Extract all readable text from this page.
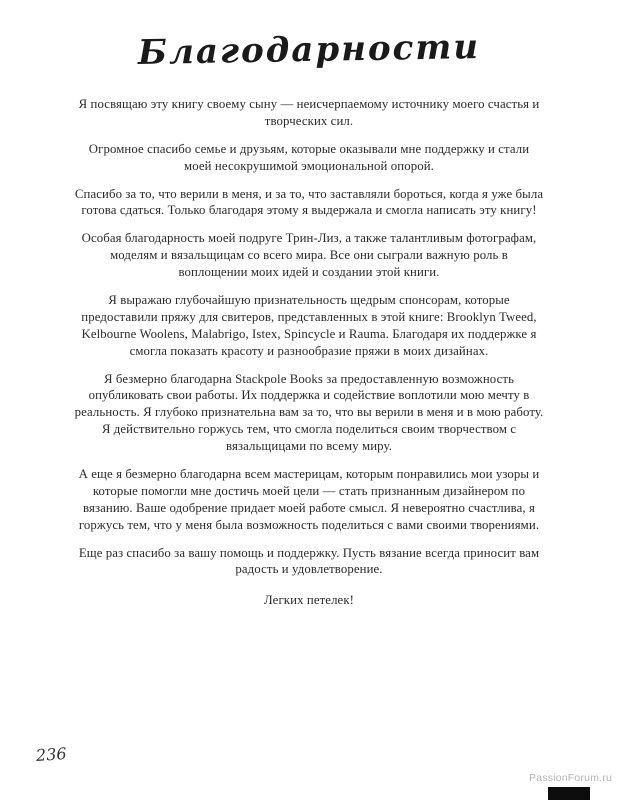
Благодарности

Я посвящаю эту книгу своему сыну — неисчерпаемому источнику моего счастья и творческих сил.

Огромное спасибо семье и друзьям, которые оказывали мне поддержку и стали моей несокрушимой эмоциональной опорой.

Спасибо за то, что верили в меня, и за то, что заставляли бороться, когда я уже была готова сдаться. Только благодаря этому я выдержала и смогла написать эту книгу!

Особая благодарность моей подруге Трин-Лиз, а также талантливым фотографам, моделям и вязальщицам со всего мира. Все они сыграли важную роль в воплощении моих идей и создании этой книги.

Я выражаю глубочайшую признательность щедрым спонсорам, которые предоставили пряжу для свитеров, представленных в этой книге: Brooklyn Tweed, Kelbourne Woolens, Malabrigo, Istex, Spincycle и Rauma. Благодаря их поддержке я смогла показать красоту и разнообразие пряжи в моих дизайнах.

Я безмерно благодарна Stackpole Books за предоставленную возможность опубликовать свои работы. Их поддержка и содействие воплотили мою мечту в реальность. Я глубоко признательна вам за то, что вы верили в меня и в мою работу. Я действительно горжусь тем, что смогла поделиться своим творчеством с вязальщицами по всему миру.

А еще я безмерно благодарна всем мастерицам, которым понравились мои узоры и которые помогли мне достичь моей цели — стать признанным дизайнером по вязанию. Ваше одобрение придает моей работе смысл. Я невероятно счастлива, я горжусь тем, что у меня была возможность поделиться с вами своими творениями.

Еще раз спасибо за вашу помощь и поддержку. Пусть вязание всегда приносит вам радость и удовлетворение.

Легких петелек!

236
PassionForum.ru
